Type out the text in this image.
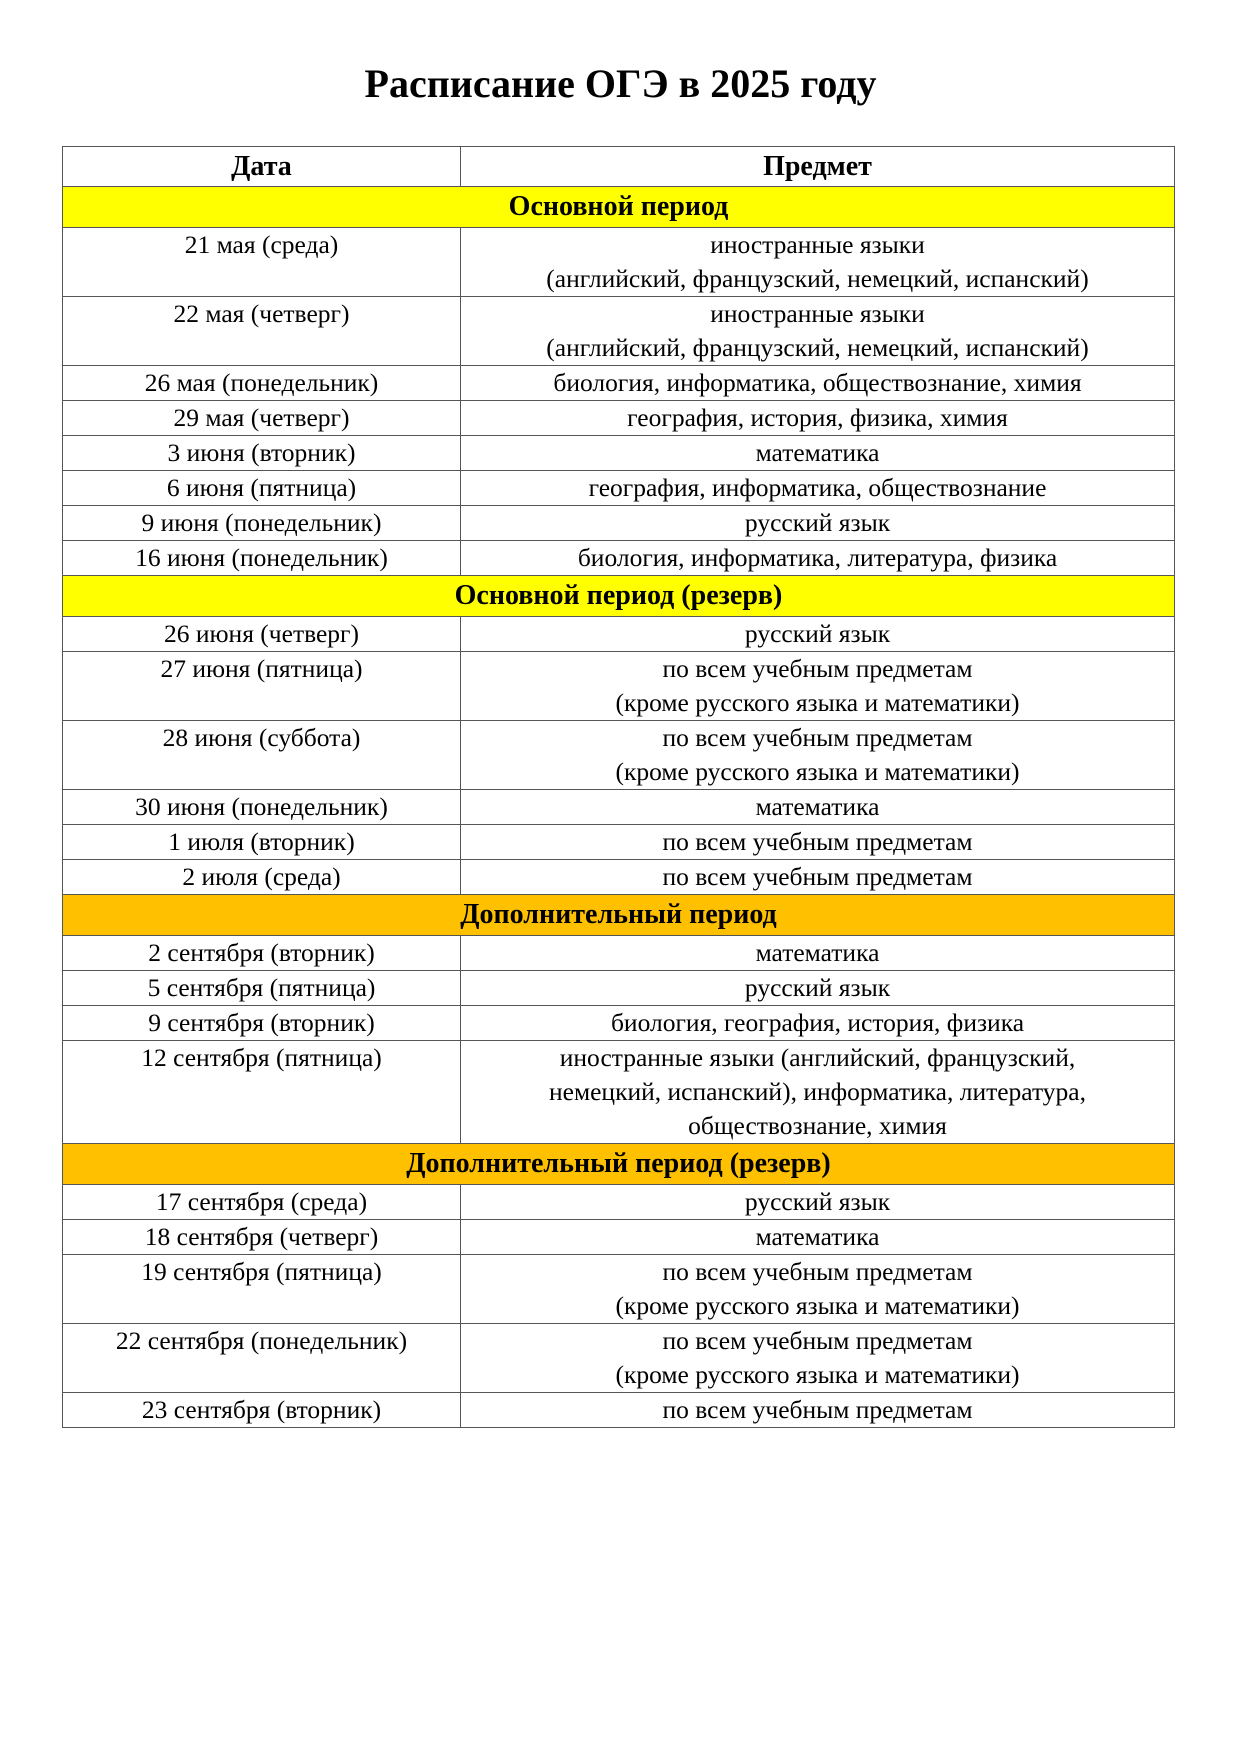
Расписание ОГЭ в 2025 году
Дата	Предмет
Основной период	
21 мая (среда)	иностранные языки
(английский, французский, немецкий, испанский)

22 мая (четверг)	иностранные языки
(английский, французский, немецкий, испанский)

26 мая (понедельник)	биология, информатика, обществознание, химия

29 мая (четверг)	география, история, физика, химия

3 июня (вторник)	математика

6 июня (пятница)	география, информатика, обществознание

9 июня (понедельник)	русский язык

16 июня (понедельник)	биология, информатика, литература, физика

Основной период (резерв)	
26 июня (четверг)	русский язык

27 июня (пятница)	по всем учебным предметам
(кроме русского языка и математики)

28 июня (суббота)	по всем учебным предметам
(кроме русского языка и математики)

30 июня (понедельник)	математика

1 июля (вторник)	по всем учебным предметам

2 июля (среда)	по всем учебным предметам

Дополнительный период	
2 сентября (вторник)	математика

5 сентября (пятница)	русский язык

9 сентября (вторник)	биология, география, история, физика

12 сентября (пятница)	иностранные языки (английский, французский,
немецкий, испанский), информатика, литература,
обществознание, химия

Дополнительный период (резерв)	
17 сентября (среда)	русский язык

18 сентября (четверг)	математика

19 сентября (пятница)	по всем учебным предметам
(кроме русского языка и математики)

22 сентября (понедельник)	по всем учебным предметам
(кроме русского языка и математики)

23 сентября (вторник)	по всем учебным предметам
